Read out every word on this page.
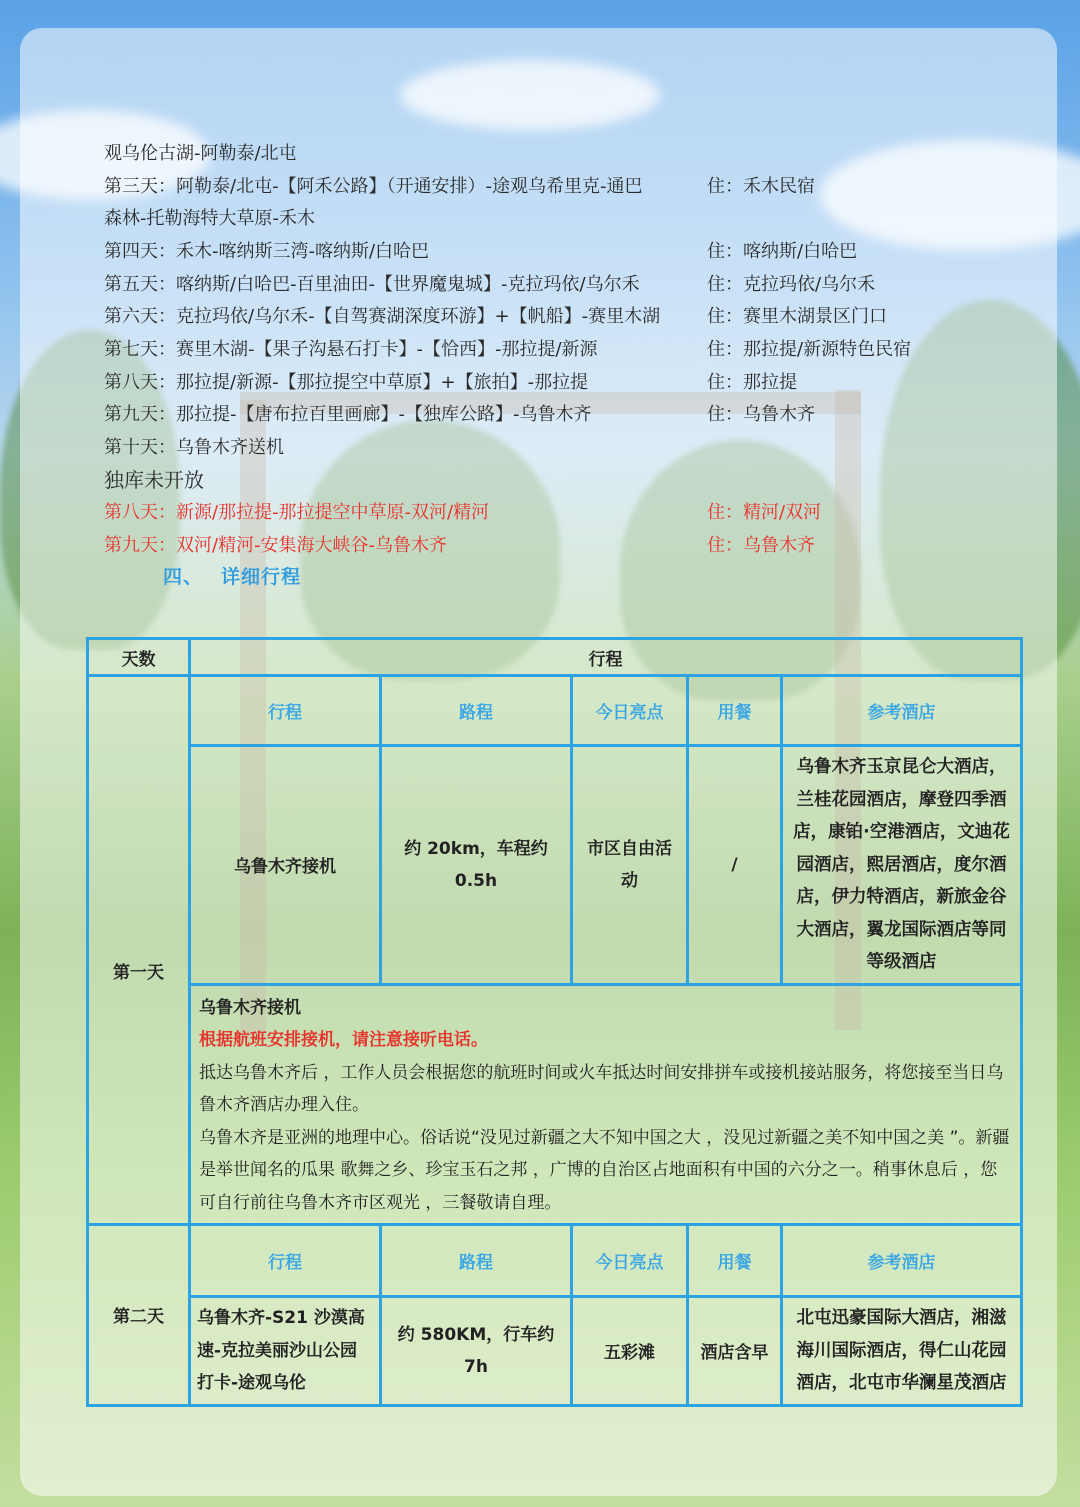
观乌伦古湖-阿勒泰/北屯
第三天：阿勒泰/北屯-【阿禾公路】（开通安排）-途观乌希里克-通巴	住：禾木民宿
森林-托勒海特大草原-禾木
第四天：禾木-喀纳斯三湾-喀纳斯/白哈巴	住：喀纳斯/白哈巴
第五天：喀纳斯/白哈巴-百里油田-【世界魔鬼城】-克拉玛依/乌尔禾	住：克拉玛依/乌尔禾
第六天：克拉玛依/乌尔禾-【自驾赛湖深度环游】+【帆船】-赛里木湖	住：赛里木湖景区门口
第七天：赛里木湖-【果子沟悬石打卡】-【恰西】-那拉提/新源	住：那拉提/新源特色民宿
第八天：那拉提/新源-【那拉提空中草原】+【旅拍】-那拉提	住：那拉提
第九天：那拉提-【唐布拉百里画廊】-【独库公路】-乌鲁木齐	住：乌鲁木齐
第十天：乌鲁木齐送机
独库未开放
第八天：新源/那拉提-那拉提空中草原-双河/精河	住：精河/双河
第九天：双河/精河-安集海大峡谷-乌鲁木齐	住：乌鲁木齐
四、 详细行程
天数	行程				
第一天	行程	路程	今日亮点	用餐	参考酒店
	乌鲁木齐接机	约 20km，车程约 0.5h	市区自由活动	/	乌鲁木齐玉京昆仑大酒店，兰桂花园酒店，摩登四季酒店，康铂·空港酒店，文迪花园酒店，熙居酒店，度尔酒店，伊力特酒店，新旅金谷大酒店，翼龙国际酒店等同等级酒店

	乌鲁木齐接机
根据航班安排接机，请注意接听电话。
抵达乌鲁木齐后 ，工作人员会根据您的航班时间或火车抵达时间安排拼车或接机接站服务，将您接至当日乌鲁木齐酒店办理入住。
乌鲁木齐是亚洲的地理中心。俗话说“没见过新疆之大不知中国之大 ，没见过新疆之美不知中国之美 ”。新疆是举世闻名的瓜果 歌舞之乡、珍宝玉石之邦 ，广博的自治区占地面积有中国的六分之一。稍事休息后 ，您可自行前往乌鲁木齐市区观光 ，三餐敬请自理。				

第二天	行程	路程	今日亮点	用餐	参考酒店
	乌鲁木齐-S21 沙漠高速-克拉美丽沙山公园打卡-途观乌伦	约 580KM，行车约 7h	五彩滩	酒店含早	北屯迅豪国际大酒店，湘滋海川国际酒店，得仁山花园酒店，北屯市华澜星茂酒店
